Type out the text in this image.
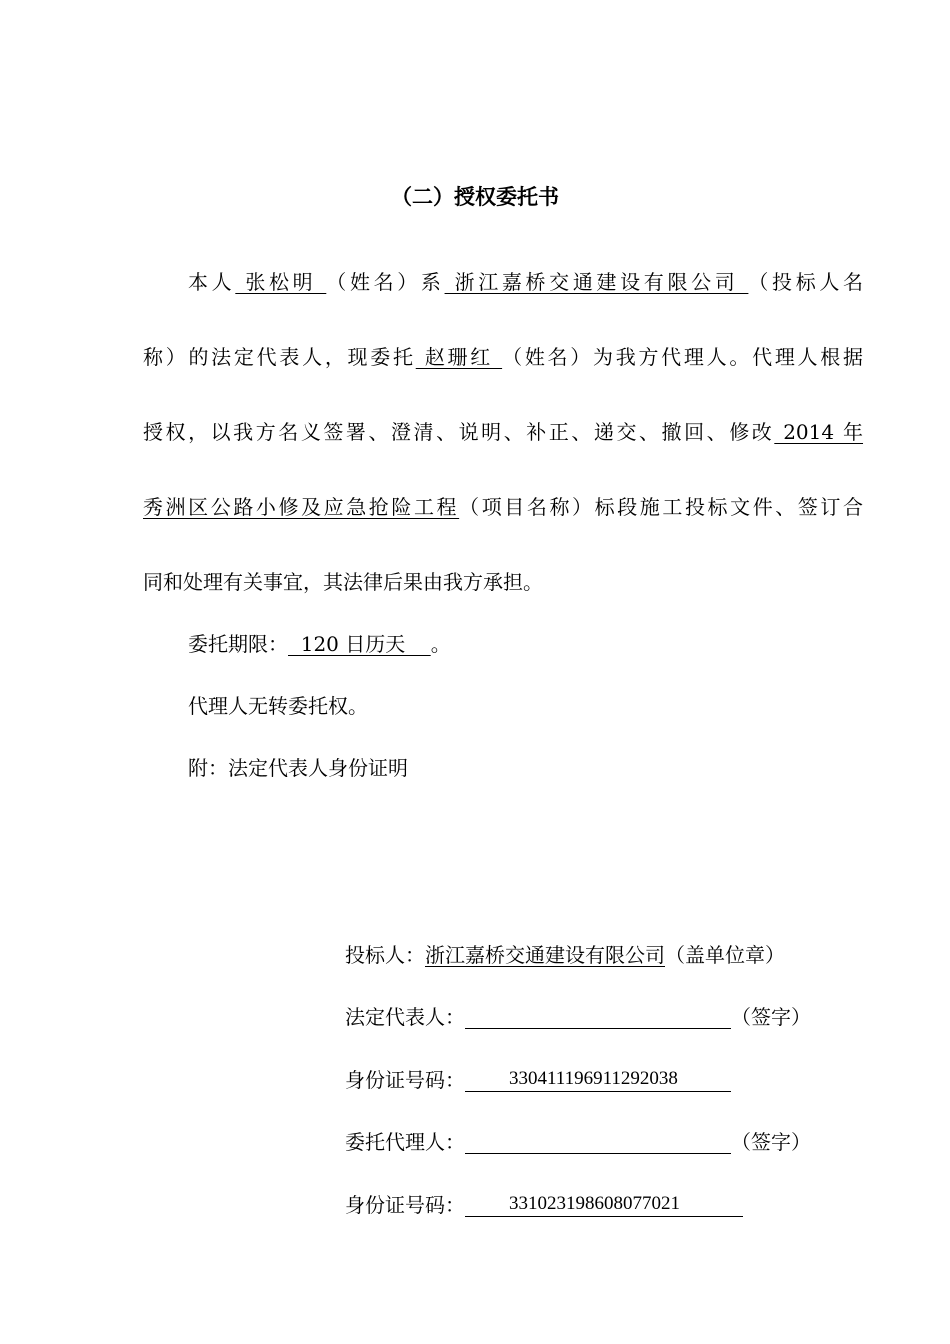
（二）授权委托书
本人 张松明 （姓名）系 浙江嘉桥交通建设有限公司 （投标人名
称）的法定代表人，现委托 赵珊红 （姓名）为我方代理人。代理人根据
授权，以我方名义签署、澄清、说明、补正、递交、撤回、修改 2014 年
秀洲区公路小修及应急抢险工程（项目名称）标段施工投标文件、签订合
同和处理有关事宜，其法律后果由我方承担。
委托期限：  120 日历天    。
代理人无转委托权。
附：法定代表人身份证明
投标人：浙江嘉桥交通建设有限公司（盖单位章）
法定代表人：	（签字）
身份证号码： 330411196911292038
委托代理人：	（签字）
身份证号码： 331023198608077021
